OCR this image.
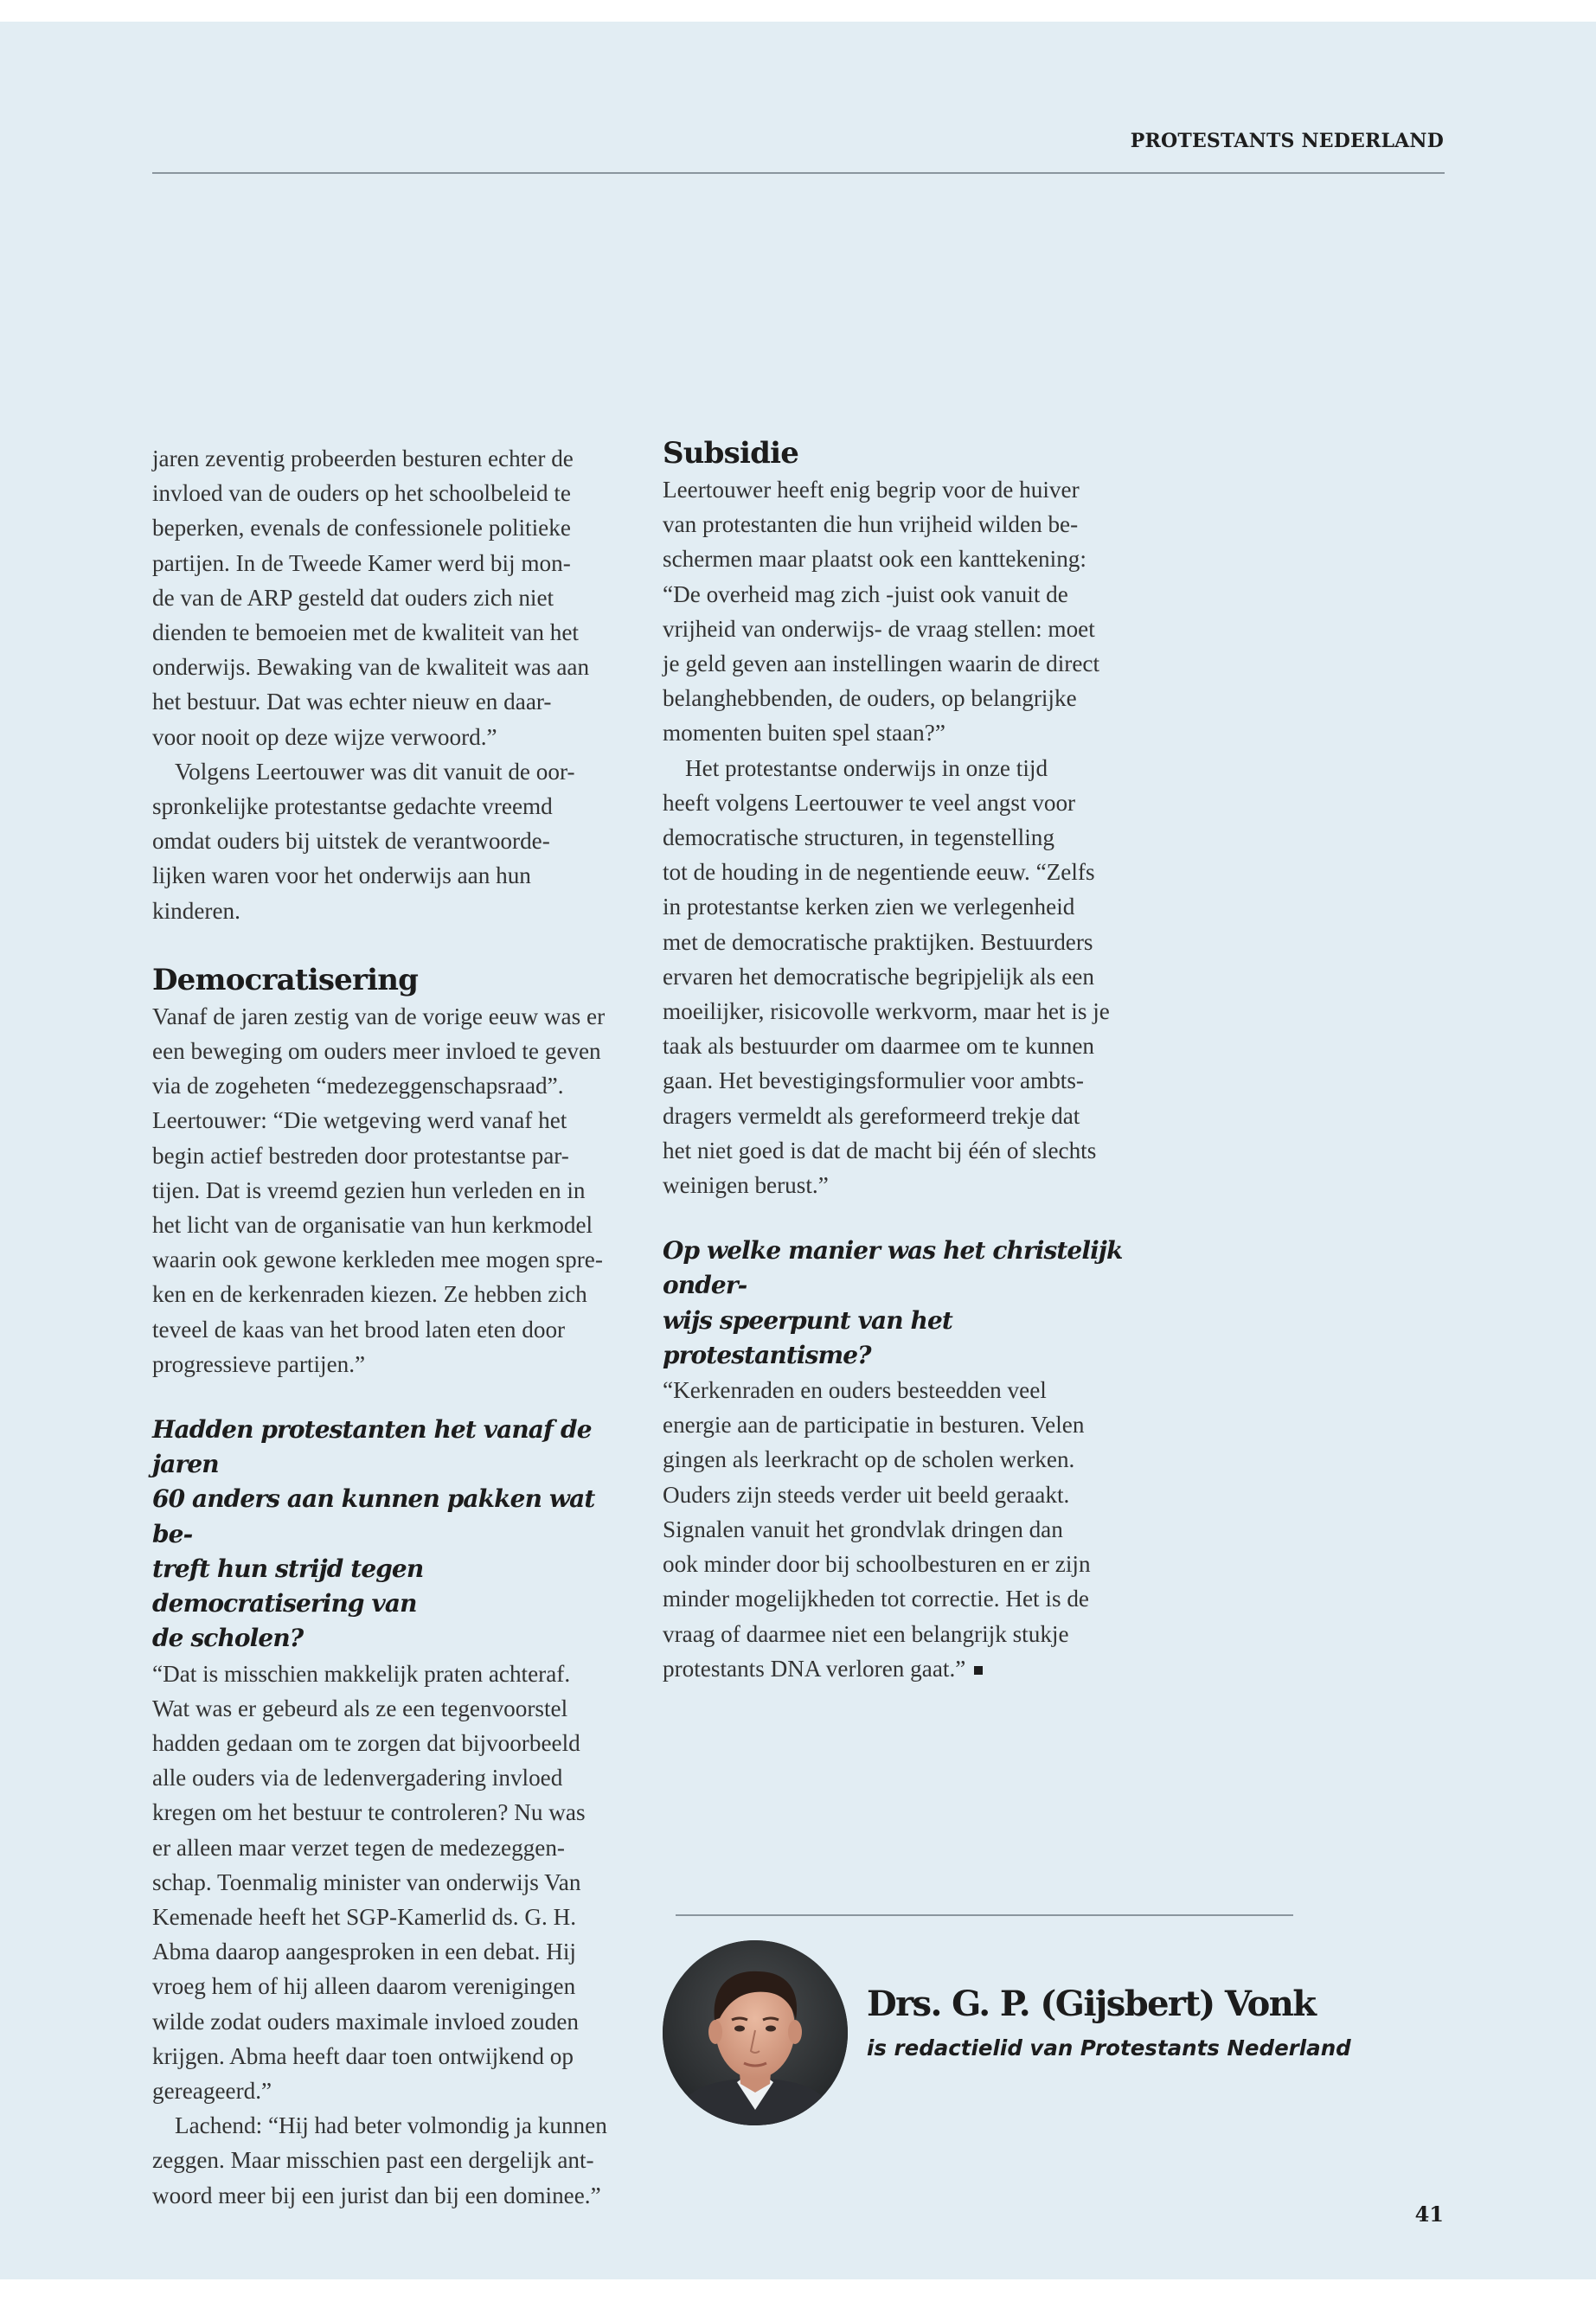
PROTESTANTS NEDERLAND

jaren zeventig probeerden besturen echter de
invloed van de ouders op het schoolbeleid te
beperken, evenals de confessionele politieke
partijen. In de Tweede Kamer werd bij mon-
de van de ARP gesteld dat ouders zich niet
dienden te bemoeien met de kwaliteit van het
onderwijs. Bewaking van de kwaliteit was aan
het bestuur. Dat was echter nieuw en daar-
voor nooit op deze wijze verwoord.”

Volgens Leertouwer was dit vanuit de oor-
spronkelijke protestantse gedachte vreemd
omdat ouders bij uitstek de verantwoorde-
lijken waren voor het onderwijs aan hun
kinderen.

Democratisering

Vanaf de jaren zestig van de vorige eeuw was er
een beweging om ouders meer invloed te geven
via de zogeheten “medezeggenschapsraad”.
Leertouwer: “Die wetgeving werd vanaf het
begin actief bestreden door protestantse par-
tijen. Dat is vreemd gezien hun verleden en in
het licht van de organisatie van hun kerkmodel
waarin ook gewone kerkleden mee mogen spre-
ken en de kerkenraden kiezen. Ze hebben zich
teveel de kaas van het brood laten eten door
progressieve partijen.”

Hadden protestanten het vanaf de jaren
60 anders aan kunnen pakken wat be-
treft hun strijd tegen democratisering van
de scholen?

“Dat is misschien makkelijk praten achteraf.
Wat was er gebeurd als ze een tegenvoorstel
hadden gedaan om te zorgen dat bijvoorbeeld
alle ouders via de ledenvergadering invloed
kregen om het bestuur te controleren? Nu was
er alleen maar verzet tegen de medezeggen-
schap. Toenmalig minister van onderwijs Van
Kemenade heeft het SGP-Kamerlid ds. G. H.
Abma daarop aangesproken in een debat. Hij
vroeg hem of hij alleen daarom verenigingen
wilde zodat ouders maximale invloed zouden
krijgen. Abma heeft daar toen ontwijkend op
gereageerd.”

Lachend: “Hij had beter volmondig ja kunnen
zeggen. Maar misschien past een dergelijk ant-
woord meer bij een jurist dan bij een dominee.”

Subsidie

Leertouwer heeft enig begrip voor de huiver
van protestanten die hun vrijheid wilden be-
schermen maar plaatst ook een kanttekening:
“De overheid mag zich -juist ook vanuit de
vrijheid van onderwijs- de vraag stellen: moet
je geld geven aan instellingen waarin de direct
belanghebbenden, de ouders, op belangrijke
momenten buiten spel staan?”

Het protestantse onderwijs in onze tijd
heeft volgens Leertouwer te veel angst voor
democratische structuren, in tegenstelling
tot de houding in de negentiende eeuw. “Zelfs
in protestantse kerken zien we verlegenheid
met de democratische praktijken. Bestuurders
ervaren het democratische begripjelijk als een
moeilijker, risicovolle werkvorm, maar het is je
taak als bestuurder om daarmee om te kunnen
gaan. Het bevestigingsformulier voor ambts-
dragers vermeldt als gereformeerd trekje dat
het niet goed is dat de macht bij één of slechts
weinigen berust.”

Op welke manier was het christelijk onder-
wijs speerpunt van het protestantisme?

“Kerkenraden en ouders besteedden veel
energie aan de participatie in besturen. Velen
gingen als leerkracht op de scholen werken.
Ouders zijn steeds verder uit beeld geraakt.
Signalen vanuit het grondvlak dringen dan
ook minder door bij schoolbesturen en er zijn
minder mogelijkheden tot correctie. Het is de
vraag of daarmee niet een belangrijk stukje
protestants DNA verloren gaat.”

Drs. G. P. (Gijsbert) Vonk
is redactielid van Protestants Nederland
41
